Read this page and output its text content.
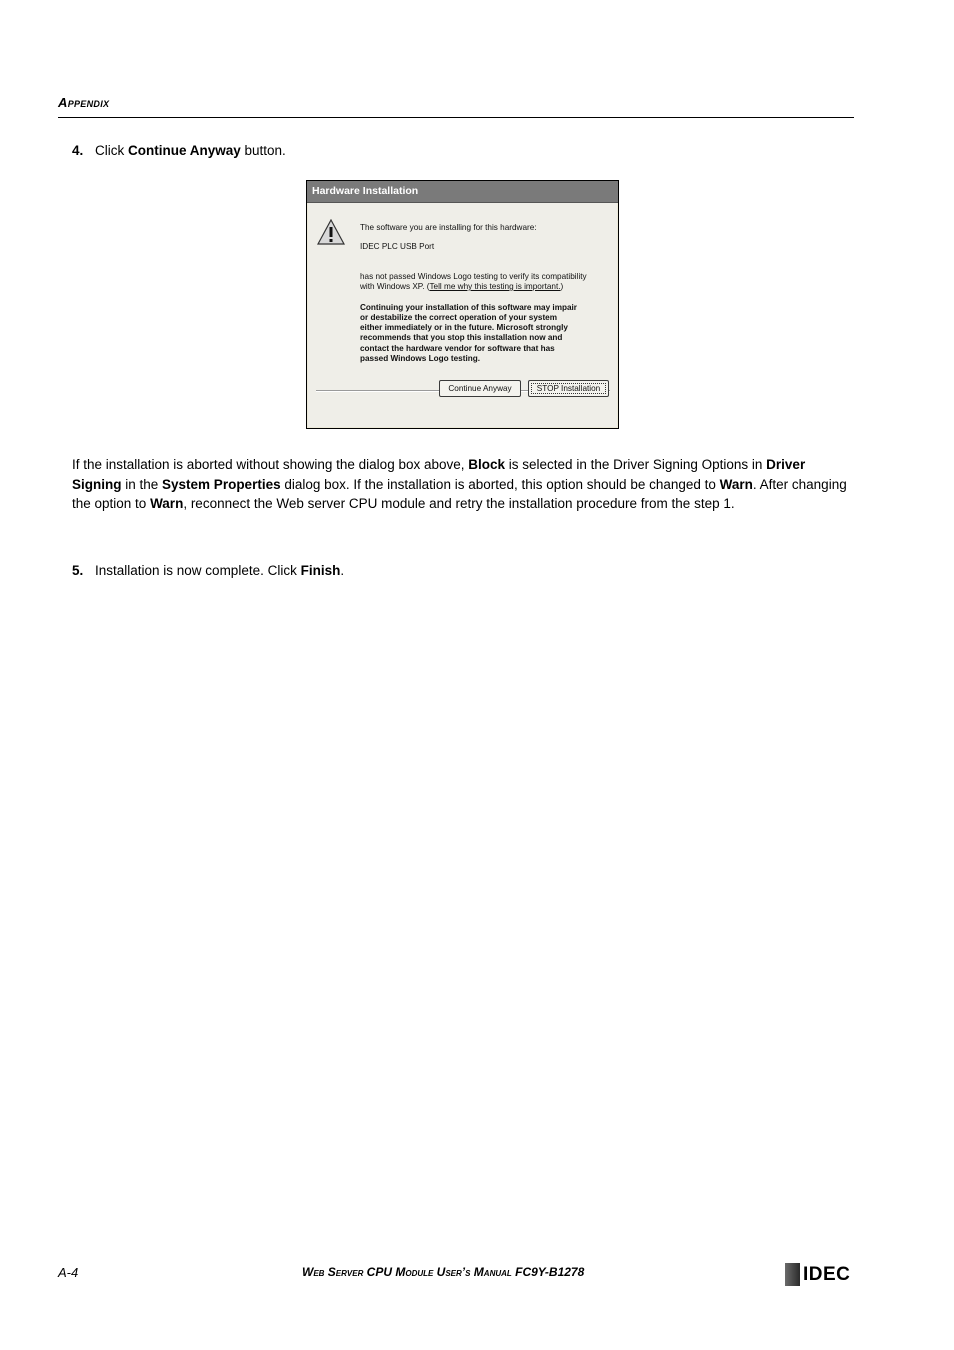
Appendix
4. Click Continue Anyway button.
Hardware Installation
The software you are installing for this hardware:
IDEC PLC USB Port
has not passed Windows Logo testing to verify its compatibility
with Windows XP. (Tell me why this testing is important.)
Continuing your installation of this software may impair
or destabilize the correct operation of your system
either immediately or in the future. Microsoft strongly
recommends that you stop this installation now and
contact the hardware vendor for software that has
passed Windows Logo testing.
Continue Anyway	STOP Installation
If the installation is aborted without showing the dialog box above, Block is selected in the Driver Signing Options in Driver Signing in the System Properties dialog box. If the installation is aborted, this option should be changed to Warn. After changing the option to Warn, reconnect the Web server CPU module and retry the installation procedure from the step 1.
5. Installation is now complete. Click Finish.
A-4	Web Server CPU Module User’s Manual FC9Y-B1278	IDEC
